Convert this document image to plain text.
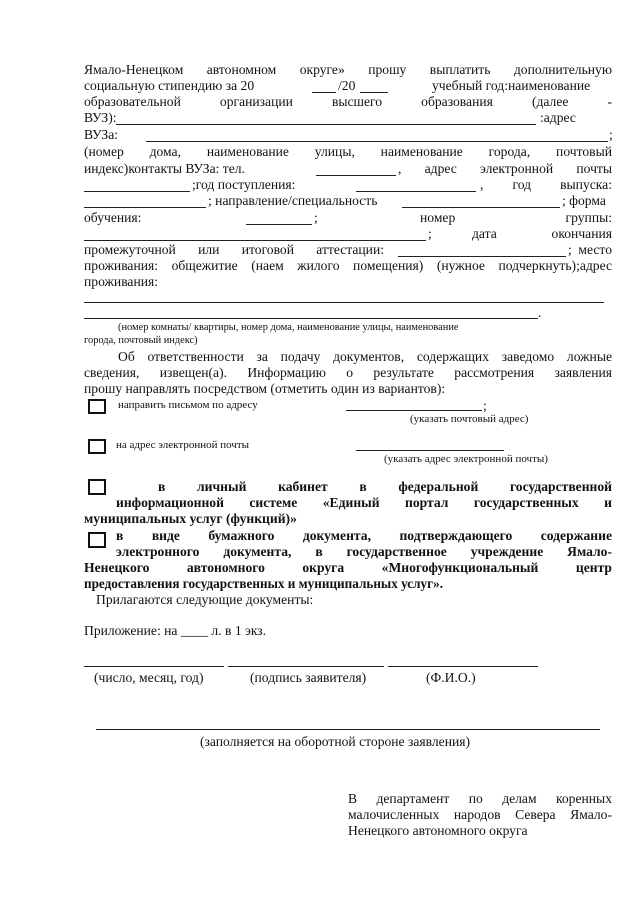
Ямало-Ненецком автономном округе» прошу выплатить дополнительную

социальную стипендию за 20	/20	учебный год:наименование

образовательной организации высшего образования (далее -

ВУЗ):	:адрес
ВУЗа:	;

(номер дома, наименование улицы, наименование города, почтовый

индекс)контакты ВУЗа: тел.	, адрес электронной почты
;год поступления:	, год выпуска:
; направление/специальность	; форма
обучения:	;	номер группы:
;	дата окончания
промежуточной или итоговой аттестации:	; место

проживания: общежитие (наем жилого помещения) (нужное подчеркнуть);адрес

проживания:
.
(номер комнаты/ квартиры, номер дома, наименование улицы, наименование
города, почтовый индекс)

Об ответственности за подачу документов, содержащих заведомо ложные

сведения, извещен(а). Информацию о результате рассмотрения заявления

прошу направлять посредством (отметить один из вариантов):

направить письмом по адресу	;
(указать почтовый адрес)
на адрес электронной почты
(указать адрес электронной почты)

в личный кабинет в федеральной государственной

информационной системе «Единый портал государственных и

муниципальных услуг (функций)»

в виде бумажного документа, подтверждающего содержание

электронного документа, в государственное учреждение Ямало-

Ненецкого автономного округа «Многофункциональный центр

предоставления государственных и муниципальных услуг».

Прилагаются следующие документы:
Приложение: на ____ л. в 1 экз.
(число, месяц, год)	(подпись заявителя)	(Ф.И.О.)
(заполняется на оборотной стороне заявления)

В департамент по делам коренных

малочисленных народов Севера Ямало-

Ненецкого автономного округа
